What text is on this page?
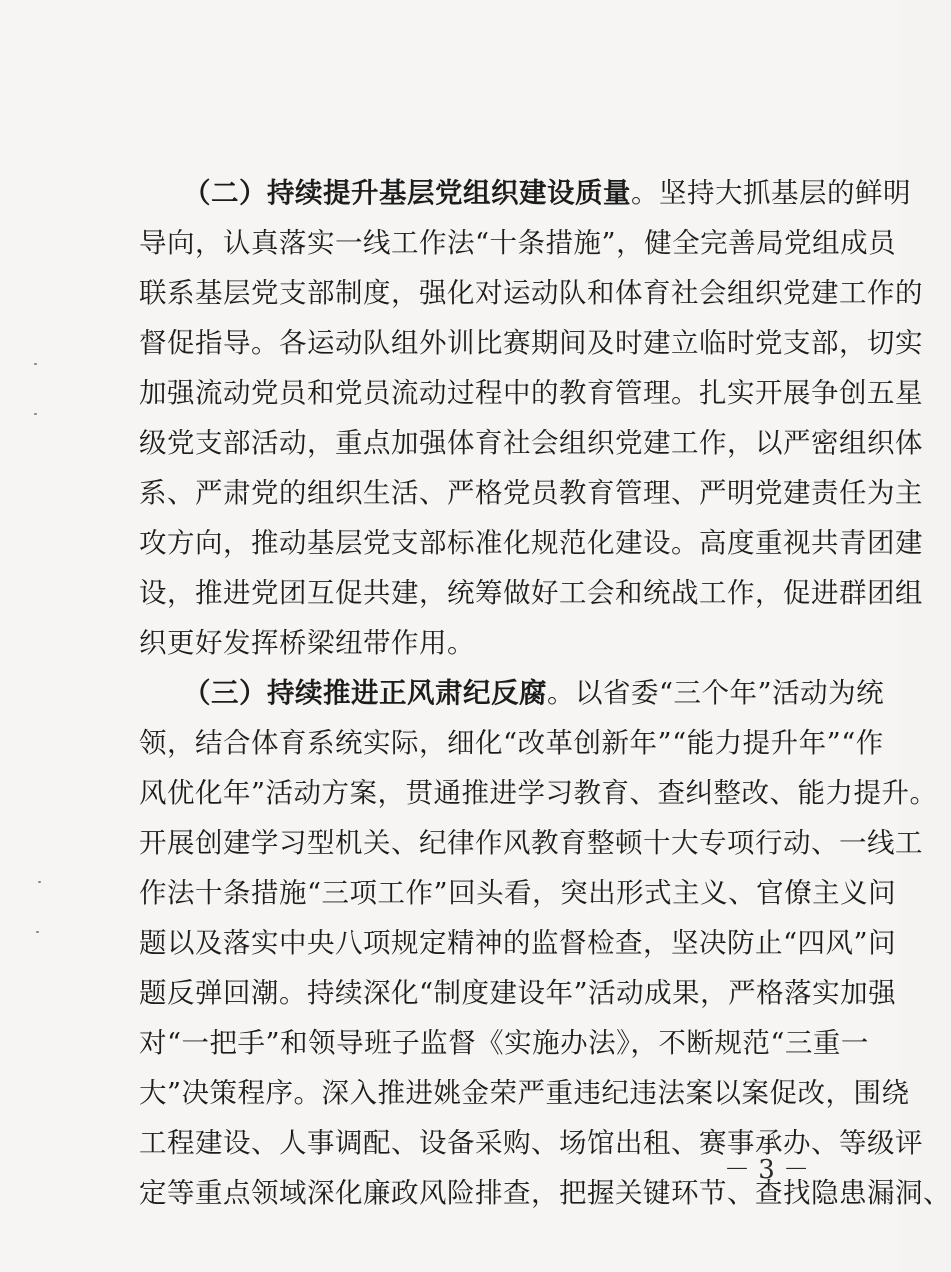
（二）持续提升基层党组织建设质量。坚持大抓基层的鲜明
导向，认真落实一线工作法“十条措施”，健全完善局党组成员
联系基层党支部制度，强化对运动队和体育社会组织党建工作的
督促指导。各运动队组外训比赛期间及时建立临时党支部，切实
加强流动党员和党员流动过程中的教育管理。扎实开展争创五星
级党支部活动，重点加强体育社会组织党建工作，以严密组织体
系、严肃党的组织生活、严格党员教育管理、严明党建责任为主
攻方向，推动基层党支部标准化规范化建设。高度重视共青团建
设，推进党团互促共建，统筹做好工会和统战工作，促进群团组
织更好发挥桥梁纽带作用。
（三）持续推进正风肃纪反腐。以省委“三个年”活动为统
领，结合体育系统实际，细化“改革创新年”“能力提升年”“作
风优化年”活动方案，贯通推进学习教育、查纠整改、能力提升。
开展创建学习型机关、纪律作风教育整顿十大专项行动、一线工
作法十条措施“三项工作”回头看，突出形式主义、官僚主义问
题以及落实中央八项规定精神的监督检查，坚决防止“四风”问
题反弹回潮。持续深化“制度建设年”活动成果，严格落实加强
对“一把手”和领导班子监督《实施办法》，不断规范“三重一
大”决策程序。深入推进姚金荣严重违纪违法案以案促改，围绕
工程建设、人事调配、设备采购、场馆出租、赛事承办、等级评
定等重点领域深化廉政风险排查，把握关键环节、查找隐患漏洞、
－ 3 －
